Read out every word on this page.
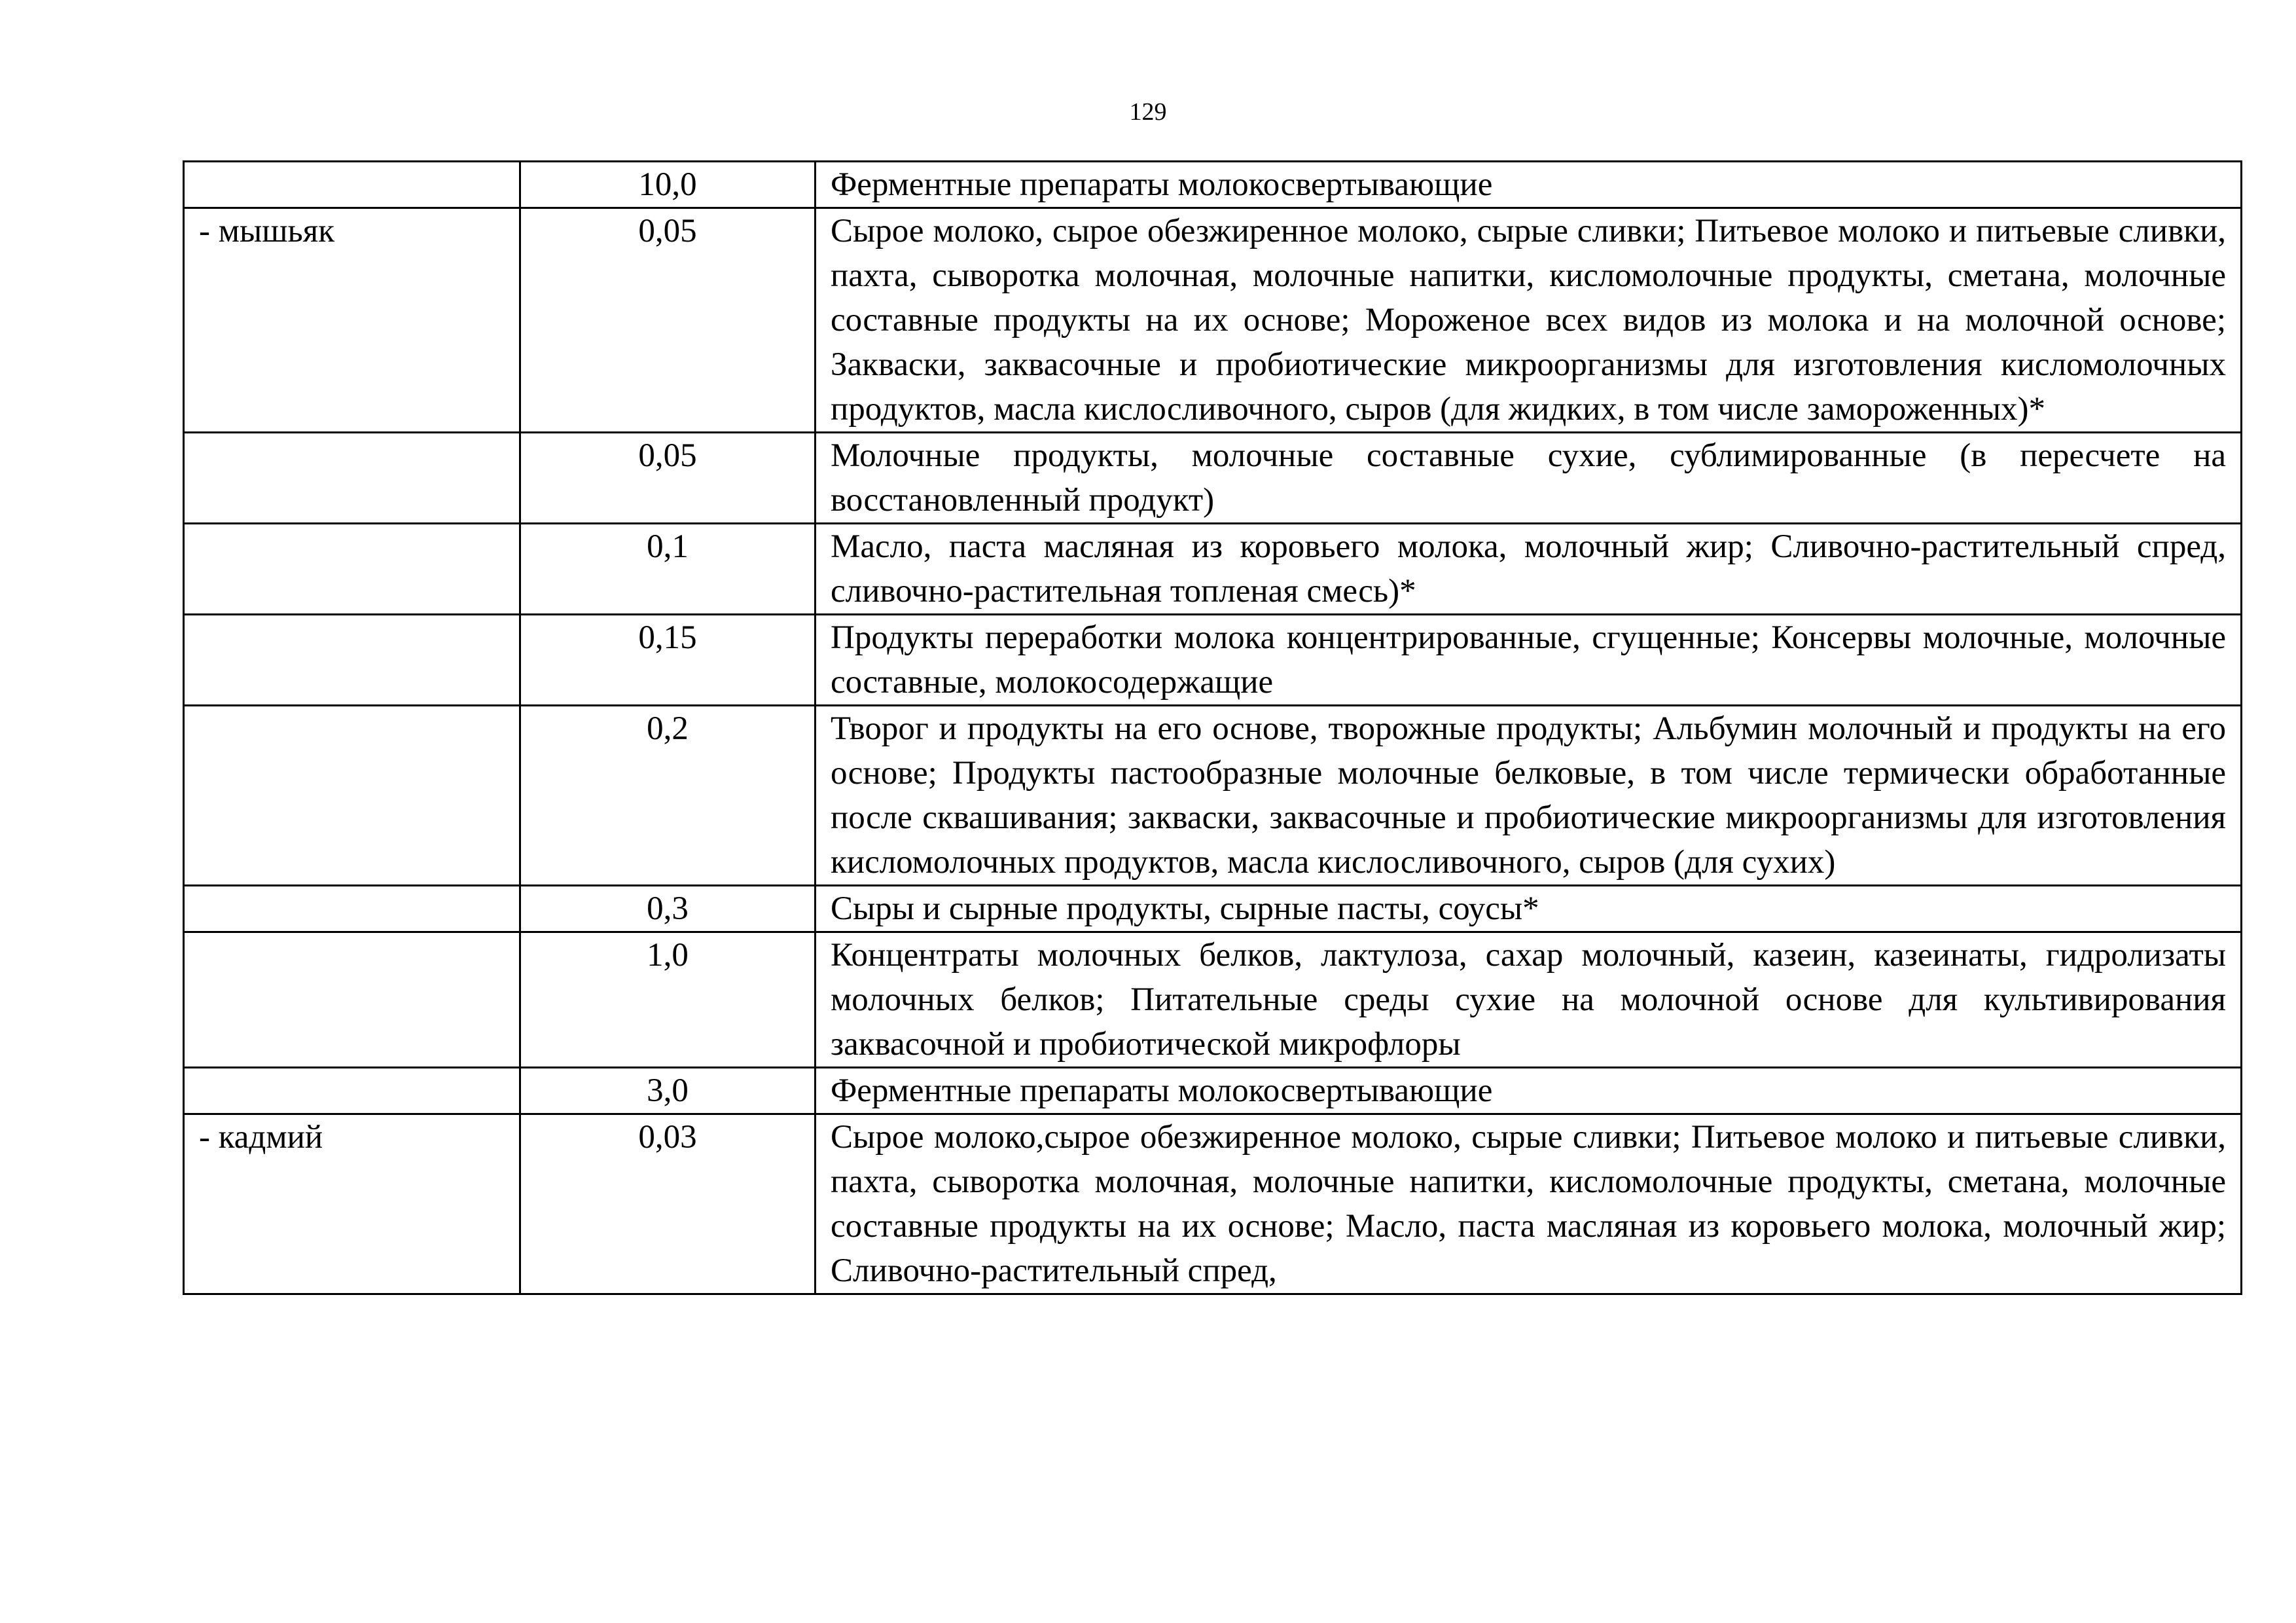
129
	10,0	Ферментные препараты молокосвертывающие
- мышьяк	0,05	Сырое молоко, сырое обезжиренное молоко, сырые сливки; Питьевое молоко и питьевые сливки, пахта, сыворотка молочная, молочные напитки, кисломолочные продукты, сметана, молочные составные продукты на их основе; Мороженое всех видов из молока и на молочной основе; Закваски, заквасочные и пробиотические микроорганизмы для изготовления кисломолочных продуктов, масла кислосливочного, сыров (для жидких, в том числе замороженных)*
	0,05	Молочные продукты, молочные составные сухие, сублимированные (в пересчете на восстановленный продукт)
	0,1	Масло, паста масляная из коровьего молока, молочный жир; Сливочно-растительный спред, сливочно-растительная топленая смесь)*
	0,15	Продукты переработки молока концентрированные, сгущенные; Консервы молочные, молочные составные, молокосодержащие
	0,2	Творог и продукты на его основе, творожные продукты; Альбумин молочный и продукты на его основе; Продукты пастообразные молочные белковые, в том числе термически обработанные после сквашивания; закваски, заквасочные и пробиотические микроорганизмы для изготовления кисломолочных продуктов, масла кислосливочного, сыров (для сухих)
	0,3	Сыры и сырные продукты, сырные пасты, соусы*
	1,0	Концентраты молочных белков, лактулоза, сахар молочный, казеин, казеинаты, гидролизаты молочных белков; Питательные среды сухие на молочной основе для культивирования заквасочной и пробиотической микрофлоры
	3,0	Ферментные препараты молокосвертывающие
- кадмий	0,03	Сырое молоко,сырое обезжиренное молоко, сырые сливки; Питьевое молоко и питьевые сливки, пахта, сыворотка молочная, молочные напитки, кисломолочные продукты, сметана, молочные составные продукты на их основе; Масло, паста масляная из коровьего молока, молочный жир; Сливочно-растительный спред,
